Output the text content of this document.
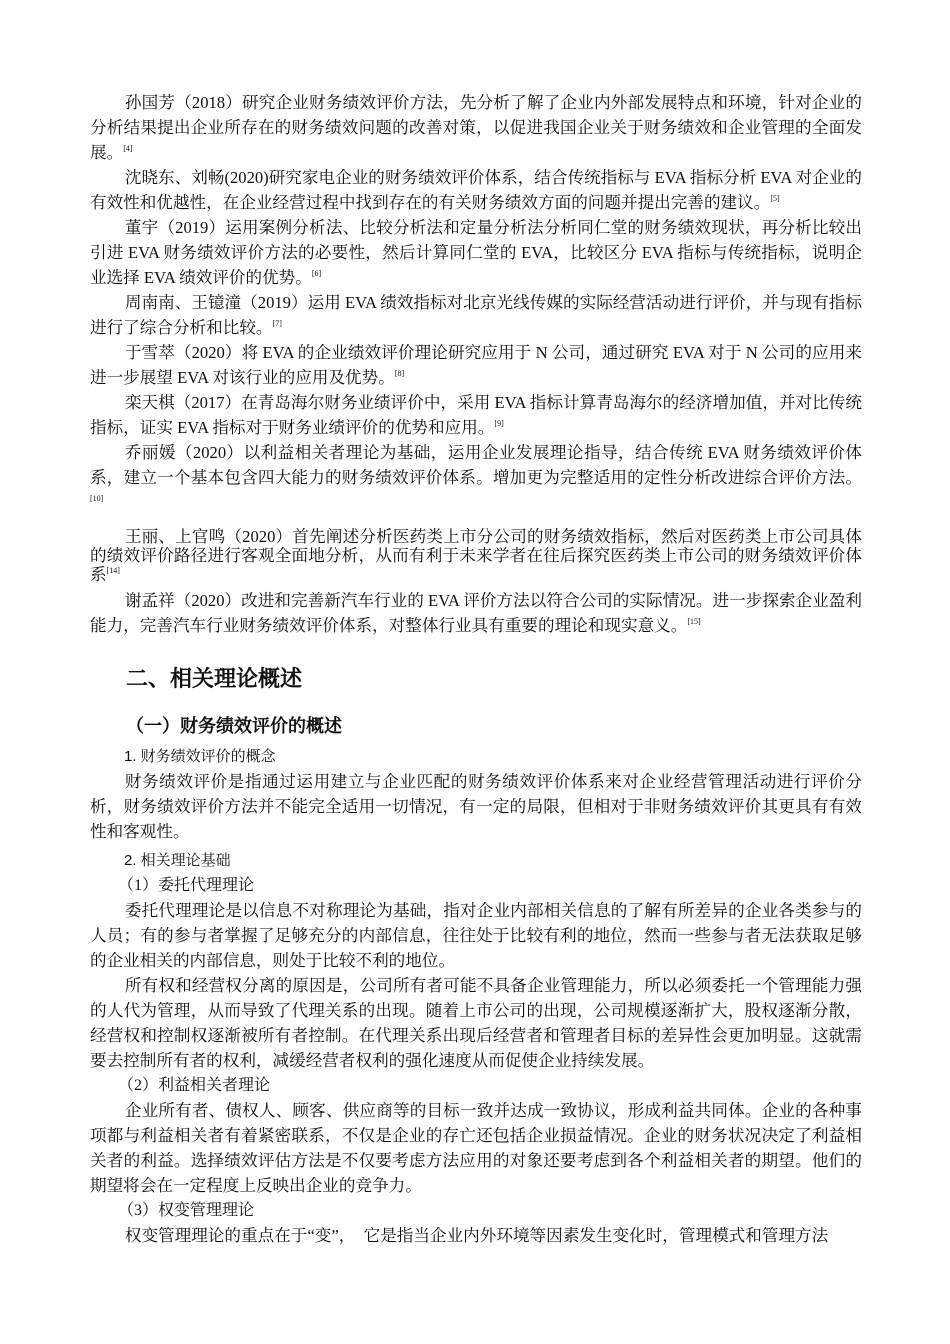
孙国芳（2018）研究企业财务绩效评价方法，先分析了解了企业内外部发展特点和环境，针对企业的分析结果提出企业所存在的财务绩效问题的改善对策，以促进我国企业关于财务绩效和企业管理的全面发展。[4]

沈晓东、刘畅(2020)研究家电企业的财务绩效评价体系，结合传统指标与 EVA 指标分析 EVA 对企业的有效性和优越性，在企业经营过程中找到存在的有关财务绩效方面的问题并提出完善的建议。[5]

董宇（2019）运用案例分析法、比较分析法和定量分析法分析同仁堂的财务绩效现状，再分析比较出引进 EVA 财务绩效评价方法的必要性，然后计算同仁堂的 EVA，比较区分 EVA 指标与传统指标，说明企业选择 EVA 绩效评价的优势。[6]

周南南、王镱潼（2019）运用 EVA 绩效指标对北京光线传媒的实际经营活动进行评价，并与现有指标进行了综合分析和比较。[7]

于雪萃（2020）将 EVA 的企业绩效评价理论研究应用于 N 公司，通过研究 EVA 对于 N 公司的应用来进一步展望 EVA 对该行业的应用及优势。[8]

栾天棋（2017）在青岛海尔财务业绩评价中，采用 EVA 指标计算青岛海尔的经济增加值，并对比传统指标，证实 EVA 指标对于财务业绩评价的优势和应用。[9]

乔丽媛（2020）以利益相关者理论为基础，运用企业发展理论指导，结合传统 EVA 财务绩效评价体系，建立一个基本包含四大能力的财务绩效评价体系。增加更为完整适用的定性分析改进综合评价方法。[10]

王丽、上官鸣（2020）首先阐述分析医药类上市分公司的财务绩效指标，然后对医药类上市公司具体的绩效评价路径进行客观全面地分析，从而有利于未来学者在往后探究医药类上市公司的财务绩效评价体系[14]

谢孟祥（2020）改进和完善新汽车行业的 EVA 评价方法以符合公司的实际情况。进一步探索企业盈利能力，完善汽车行业财务绩效评价体系，对整体行业具有重要的理论和现实意义。[15]

二、相关理论概述
（一）财务绩效评价的概述
1. 财务绩效评价的概念

财务绩效评价是指通过运用建立与企业匹配的财务绩效评价体系来对企业经营管理活动进行评价分析，财务绩效评价方法并不能完全适用一切情况，有一定的局限，但相对于非财务绩效评价其更具有有效性和客观性。

2. 相关理论基础
（1）委托代理理论

委托代理理论是以信息不对称理论为基础，指对企业内部相关信息的了解有所差异的企业各类参与的人员；有的参与者掌握了足够充分的内部信息，往往处于比较有利的地位，然而一些参与者无法获取足够的企业相关的内部信息，则处于比较不利的地位。

所有权和经营权分离的原因是，公司所有者可能不具备企业管理能力，所以必须委托一个管理能力强的人代为管理，从而导致了代理关系的出现。随着上市公司的出现，公司规模逐渐扩大，股权逐渐分散，经营权和控制权逐渐被所有者控制。在代理关系出现后经营者和管理者目标的差异性会更加明显。这就需要去控制所有者的权利，减缓经营者权利的强化速度从而促使企业持续发展。

（2）利益相关者理论

企业所有者、债权人、顾客、供应商等的目标一致并达成一致协议，形成利益共同体。企业的各种事项都与利益相关者有着紧密联系，不仅是企业的存亡还包括企业损益情况。企业的财务状况决定了利益相关者的利益。选择绩效评估方法是不仅要考虑方法应用的对象还要考虑到各个利益相关者的期望。他们的期望将会在一定程度上反映出企业的竞争力。

（3）权变管理理论

权变管理理论的重点在于“变”，　它是指当企业内外环境等因素发生变化时，管理模式和管理方法
